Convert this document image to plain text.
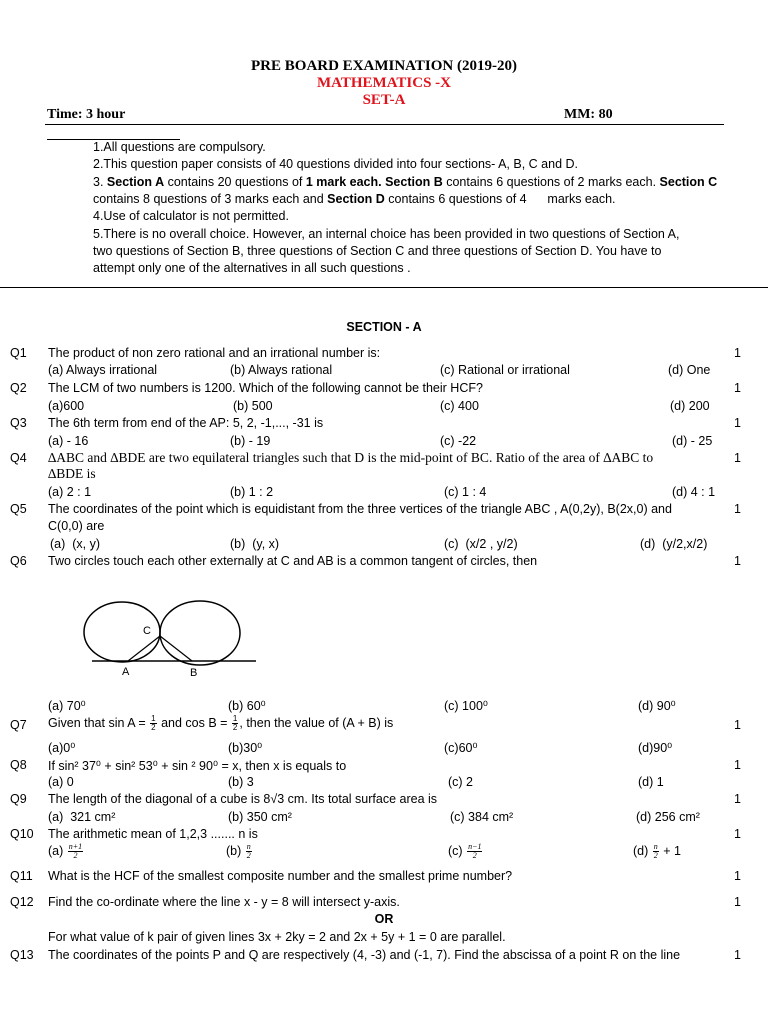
PRE BOARD EXAMINATION (2019-20)
MATHEMATICS -X
SET-A
Time: 3 hour	MM: 80
1.All questions are compulsory.
2.This question paper consists of 40 questions divided into four sections- A, B, C and D.
3. Section A contains 20 questions of 1 mark each. Section B contains 6 questions of 2 marks each. Section C
contains 8 questions of 3 marks each and Section D contains 6 questions of 4      marks each.
4.Use of calculator is not permitted.
5.There is no overall choice. However, an internal choice has been provided in two questions of Section A,
two questions of Section B, three questions of Section C and three questions of Section D. You have to
attempt only one of the alternatives in all such questions .
SECTION - A
Q1 The product of non zero rational and an irrational number is:	1
(a) Always irrational	(b) Always rational	(c) Rational or irrational	(d) One
Q2 The LCM of two numbers is 1200. Which of the following cannot be their HCF?	1
(a)600	(b) 500	(c) 400	(d) 200
Q3 The 6th term from end of the AP: 5, 2, -1,..., -31 is	1
(a) - 16	(b) - 19	(c) -22	(d) - 25
Q4 ∆ABC and ∆BDE are two equilateral triangles such that D is the mid-point of BC. Ratio of the area of ∆ABC to	1
∆BDE is
(a) 2 : 1	(b) 1 : 2	(c) 1 : 4	(d) 4 : 1
Q5 The coordinates of the point which is equidistant from the three vertices of the triangle ABC , A(0,2y), B(2x,0) and	1
C(0,0) are
(a)  (x, y)	(b)  (y, x)	(c)  (x/2 , y/2)	(d)  (y/2,x/2)
Q6 Two circles touch each other externally at C and AB is a common tangent of circles, then	1
C
A	B
(a) 70⁰	(b) 60⁰	(c) 100⁰	(d) 90⁰
Q7 Given that $\sin A = \frac{1}{2}$ and $\cos B = \frac{1}{2}$ , then the value of (A + B) is	1
(a)0⁰	(b)30⁰	(c)60⁰	(d)90⁰
Q8 If sin² 37⁰ + sin² 53⁰ + sin ² 90⁰ = x, then x is equals to	1
(a) 0	(b) 3	(c) 2	(d) 1
Q9 The length of the diagonal of a cube is 8√3 cm. Its total surface area is	1
(a)  321 cm²	(b) 350 cm²	(c) 384 cm²	(d) 256 cm²
Q10 The arithmetic mean of 1,2,3 ....... n is	1
$(a) \frac{n+1}{2}$	$(b) \frac{n}{2}$	$(c) \frac{n-1}{2}$	$(d) \frac{n}{2} + 1$
Q11 What is the HCF of the smallest composite number and the smallest prime number?	1
Q12 Find the co-ordinate where the line x - y = 8 will intersect y-axis.	1
OR
For what value of k pair of given lines 3x + 2ky = 2 and 2x + 5y + 1 = 0 are parallel.
Q13 The coordinates of the points P and Q are respectively (4, -3) and (-1, 7). Find the abscissa of a point R on the line	1
